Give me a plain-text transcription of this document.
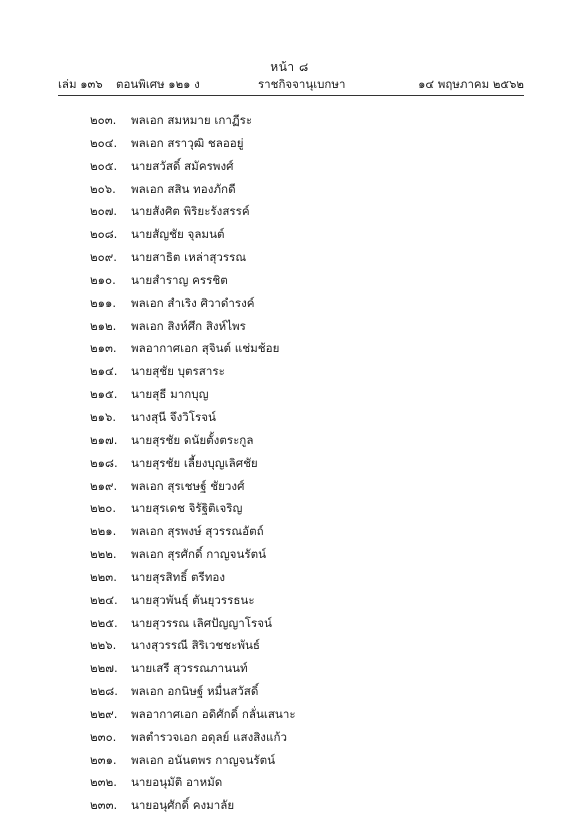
หน้า ๘
เล่ม ๑๓๖ ตอนพิเศษ ๑๒๑ ง	ราชกิจจานุเบกษา	๑๔ พฤษภาคม ๒๕๖๒
๒๐๓. พลเอก สมหมาย เกาฏีระ
๒๐๔. พลเอก สราวุฒิ ชลออยู่
๒๐๕. นายสวัสดิ์ สมัครพงศ์
๒๐๖. พลเอก สสิน ทองภักดี
๒๐๗. นายสังศิต พิริยะรังสรรค์
๒๐๘. นายสัญชัย จุลมนต์
๒๐๙. นายสาธิต เหล่าสุวรรณ
๒๑๐. นายสำราญ ครรชิต
๒๑๑. พลเอก สำเริง ศิวาดำรงค์
๒๑๒. พลเอก สิงห์ศึก สิงห์ไพร
๒๑๓. พลอากาศเอก สุจินต์ แช่มช้อย
๒๑๔. นายสุชัย บุตรสาระ
๒๑๕. นายสุธี มากบุญ
๒๑๖. นางสุนี จึงวิโรจน์
๒๑๗. นายสุรชัย ดนัยตั้งตระกูล
๒๑๘. นายสุรชัย เลี้ยงบุญเลิศชัย
๒๑๙. พลเอก สุรเชษฐ์ ชัยวงศ์
๒๒๐. นายสุรเดช จิรัฐิติเจริญ
๒๒๑. พลเอก สุรพงษ์ สุวรรณอัตถ์
๒๒๒. พลเอก สุรศักดิ์ กาญจนรัตน์
๒๒๓. นายสุรสิทธิ์ ตรีทอง
๒๒๔. นายสุวพันธุ์ ตันยุวรรธนะ
๒๒๕. นายสุวรรณ เลิศปัญญาโรจน์
๒๒๖. นางสุวรรณี สิริเวชชะพันธ์
๒๒๗. นายเสรี สุวรรณภานนท์
๒๒๘. พลเอก อกนิษฐ์ หมื่นสวัสดิ์
๒๒๙. พลอากาศเอก อดิศักดิ์ กลั่นเสนาะ
๒๓๐. พลตำรวจเอก อดุลย์ แสงสิงแก้ว
๒๓๑. พลเอก อนันตพร กาญจนรัตน์
๒๓๒. นายอนุมัติ อาหมัด
๒๓๓. นายอนุศักดิ์ คงมาลัย
